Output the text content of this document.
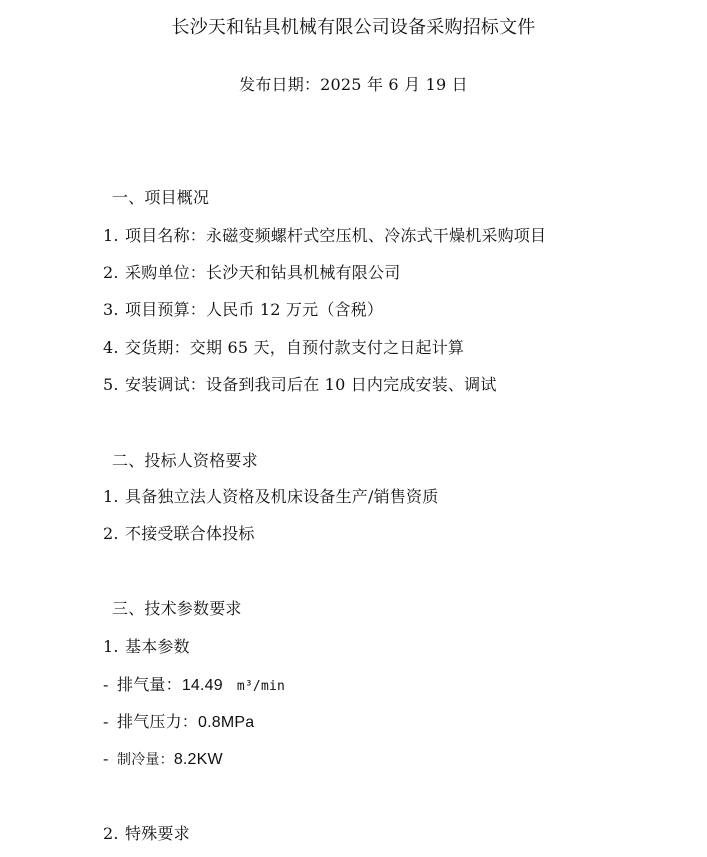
长沙天和钻具机械有限公司设备采购招标文件
发布日期：2025 年 6 月 19 日
一、项目概况
1. 项目名称：永磁变频螺杆式空压机、冷冻式干燥机采购项目
2. 采购单位：长沙天和钻具机械有限公司
3. 项目预算：人民币 12 万元（含税）
4. 交货期：交期 65 天，自预付款支付之日起计算
5. 安装调试：设备到我司后在 10 日内完成安装、调试
二、投标人资格要求
1. 具备独立法人资格及机床设备生产/销售资质
2. 不接受联合体投标
三、技术参数要求
1. 基本参数
- 排气量：14.49 m³/min
- 排气压力：0.8MPa
- 制冷量：8.2KW
2. 特殊要求
